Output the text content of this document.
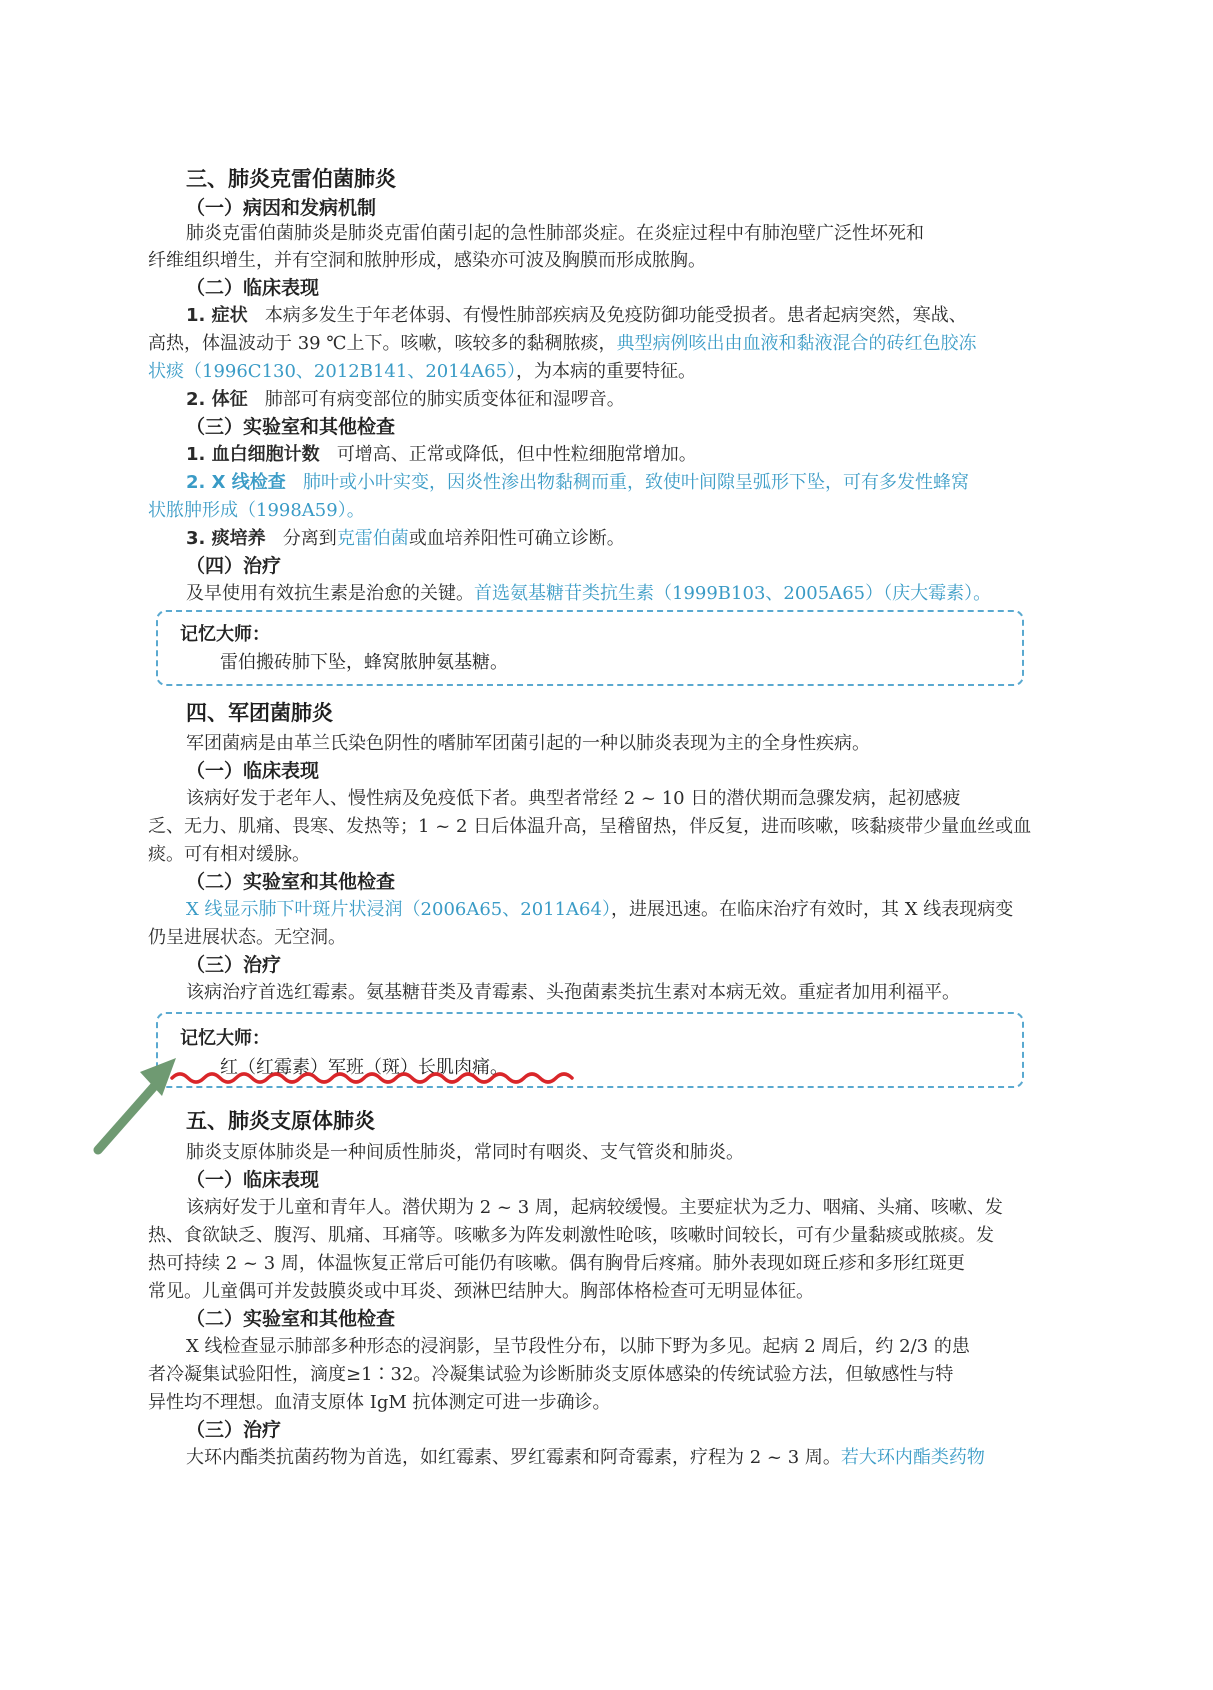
三、肺炎克雷伯菌肺炎
（一）病因和发病机制
肺炎克雷伯菌肺炎是肺炎克雷伯菌引起的急性肺部炎症。在炎症过程中有肺泡壁广泛性坏死和
纤维组织增生，并有空洞和脓肿形成，感染亦可波及胸膜而形成脓胸。
（二）临床表现
1. 症状 本病多发生于年老体弱、有慢性肺部疾病及免疫防御功能受损者。患者起病突然，寒战、
高热，体温波动于 39 ℃上下。咳嗽，咳较多的黏稠脓痰，典型病例咳出由血液和黏液混合的砖红色胶冻
状痰（1996C130、2012B141、2014A65），为本病的重要特征。
2. 体征 肺部可有病变部位的肺实质变体征和湿啰音。
（三）实验室和其他检查
1. 血白细胞计数 可增高、正常或降低，但中性粒细胞常增加。
2. X 线检查 肺叶或小叶实变，因炎性渗出物黏稠而重，致使叶间隙呈弧形下坠，可有多发性蜂窝
状脓肿形成（1998A59）。
3. 痰培养 分离到克雷伯菌或血培养阳性可确立诊断。
（四）治疗
及早使用有效抗生素是治愈的关键。首选氨基糖苷类抗生素（1999B103、2005A65）（庆大霉素）。
记忆大师：
雷伯搬砖肺下坠，蜂窝脓肿氨基糖。
四、军团菌肺炎
军团菌病是由革兰氏染色阴性的嗜肺军团菌引起的一种以肺炎表现为主的全身性疾病。
（一）临床表现
该病好发于老年人、慢性病及免疫低下者。典型者常经 2 ~ 10 日的潜伏期而急骤发病，起初感疲
乏、无力、肌痛、畏寒、发热等；1 ~ 2 日后体温升高，呈稽留热，伴反复，进而咳嗽，咳黏痰带少量血丝或血
痰。可有相对缓脉。
（二）实验室和其他检查
X 线显示肺下叶斑片状浸润（2006A65、2011A64），进展迅速。在临床治疗有效时，其 X 线表现病变
仍呈进展状态。无空洞。
（三）治疗
该病治疗首选红霉素。氨基糖苷类及青霉素、头孢菌素类抗生素对本病无效。重症者加用利福平。
记忆大师：
红（红霉素）军班（斑）长肌肉痛。
五、肺炎支原体肺炎
肺炎支原体肺炎是一种间质性肺炎，常同时有咽炎、支气管炎和肺炎。
（一）临床表现
该病好发于儿童和青年人。潜伏期为 2 ~ 3 周，起病较缓慢。主要症状为乏力、咽痛、头痛、咳嗽、发
热、食欲缺乏、腹泻、肌痛、耳痛等。咳嗽多为阵发刺激性呛咳，咳嗽时间较长，可有少量黏痰或脓痰。发
热可持续 2 ~ 3 周，体温恢复正常后可能仍有咳嗽。偶有胸骨后疼痛。肺外表现如斑丘疹和多形红斑更
常见。儿童偶可并发鼓膜炎或中耳炎、颈淋巴结肿大。胸部体格检查可无明显体征。
（二）实验室和其他检查
X 线检查显示肺部多种形态的浸润影，呈节段性分布，以肺下野为多见。起病 2 周后，约 2/3 的患
者冷凝集试验阳性，滴度≥1∶32。冷凝集试验为诊断肺炎支原体感染的传统试验方法，但敏感性与特
异性均不理想。血清支原体 IgM 抗体测定可进一步确诊。
（三）治疗
大环内酯类抗菌药物为首选，如红霉素、罗红霉素和阿奇霉素，疗程为 2 ~ 3 周。若大环内酯类药物
